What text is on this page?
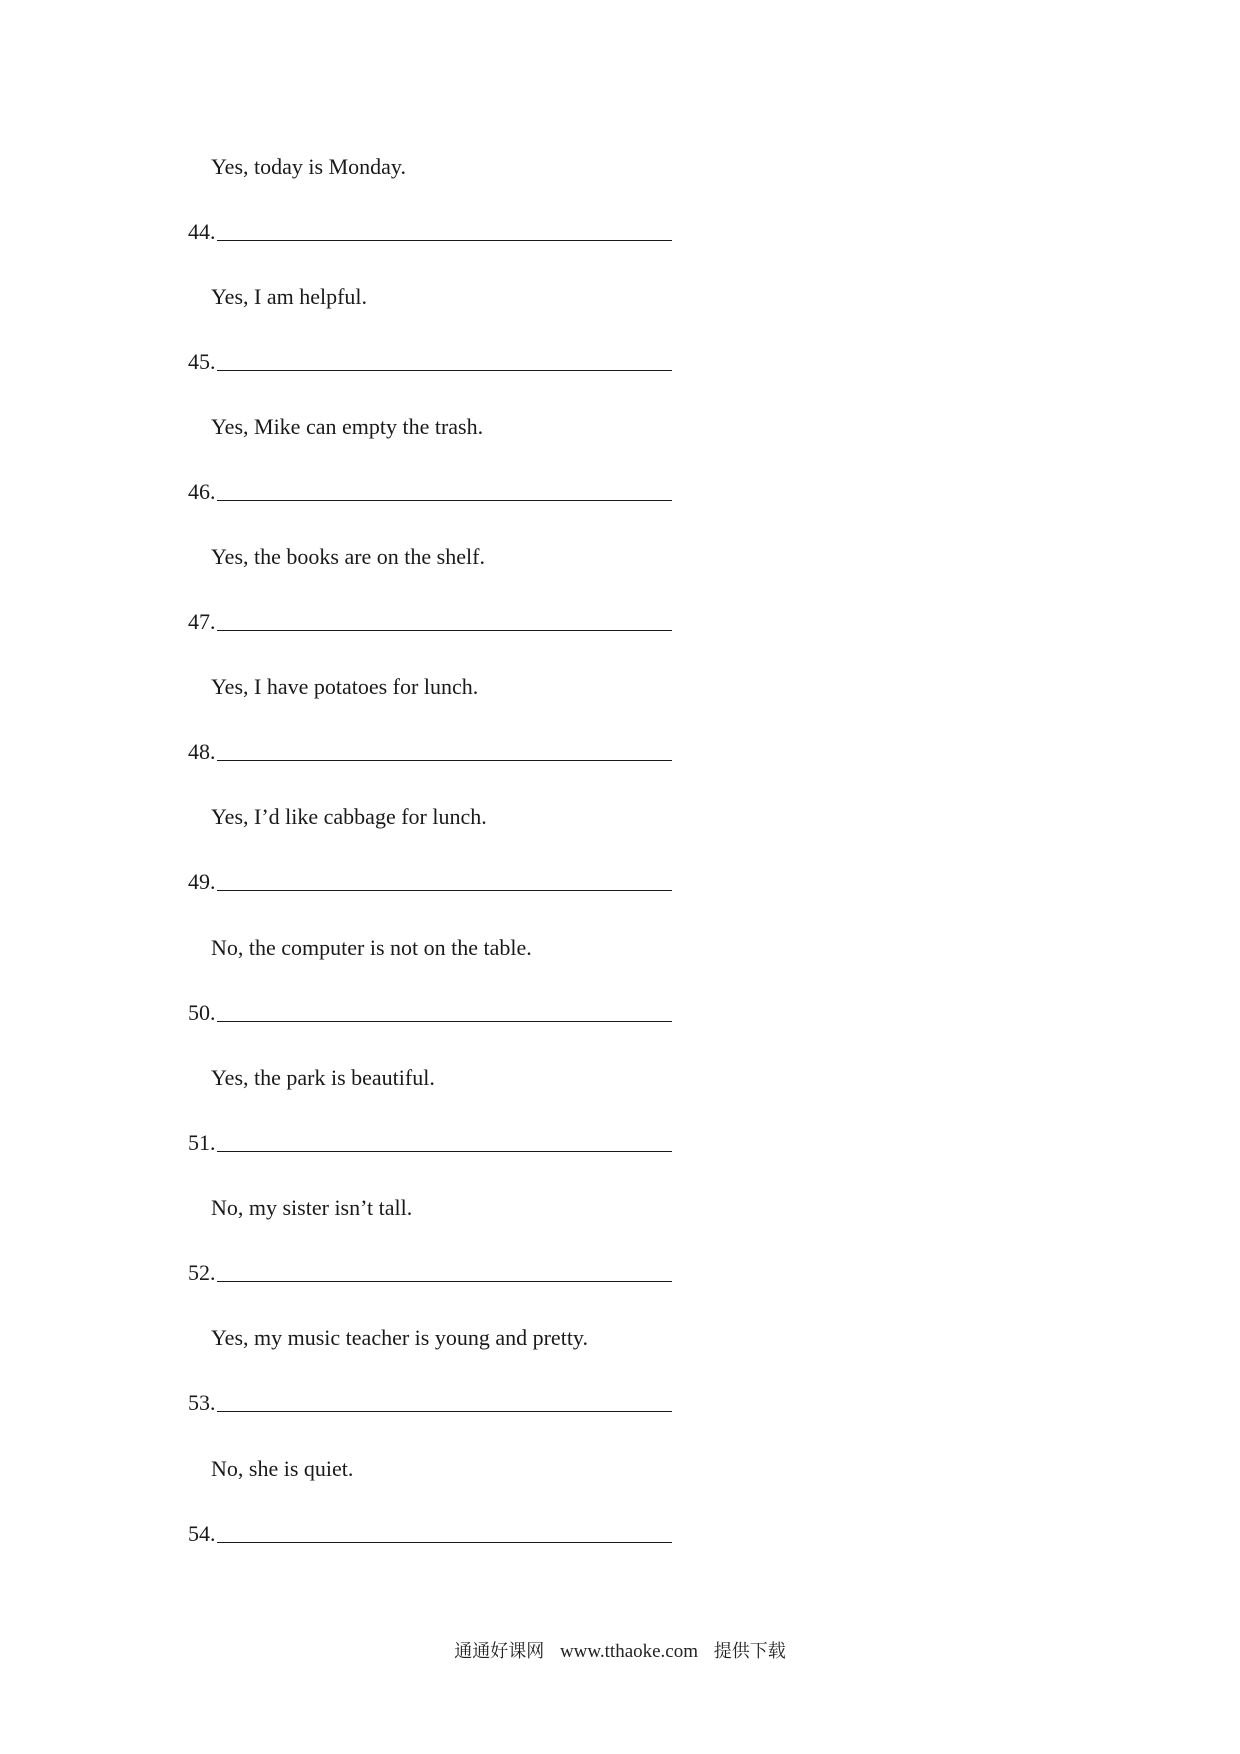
Yes, today is Monday.
44.
Yes, I am helpful.
45.
Yes, Mike can empty the trash.
46.
Yes, the books are on the shelf.
47.
Yes, I have potatoes for lunch.
48.
Yes, I’d like cabbage for lunch.
49.
No, the computer is not on the table.
50.
Yes, the park is beautiful.
51.
No, my sister isn’t tall.
52.
Yes, my music teacher is young and pretty.
53.
No, she is quiet.
54.
通通好课网 www.tthaoke.com 提供下载
